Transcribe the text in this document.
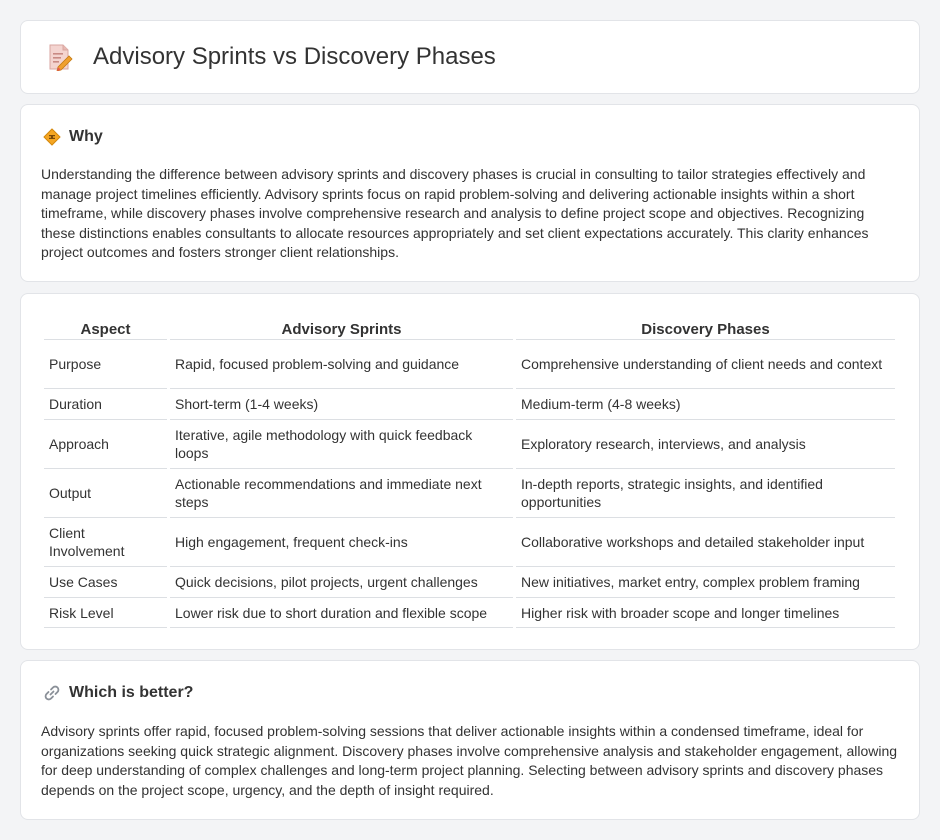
Advisory Sprints vs Discovery Phases
Why

Understanding the difference between advisory sprints and discovery phases is crucial in consulting to tailor strategies effectively and manage project timelines efficiently. Advisory sprints focus on rapid problem-solving and delivering actionable insights within a short timeframe, while discovery phases involve comprehensive research and analysis to define project scope and objectives. Recognizing these distinctions enables consultants to allocate resources appropriately and set client expectations accurately. This clarity enhances project outcomes and fosters stronger client relationships.

Aspect	Advisory Sprints	Discovery Phases
Purpose	Rapid, focused problem-solving and guidance	Comprehensive understanding of client needs and context
Duration	Short-term (1-4 weeks)	Medium-term (4-8 weeks)
Approach	Iterative, agile methodology with quick feedback loops	Exploratory research, interviews, and analysis
Output	Actionable recommendations and immediate next steps	In-depth reports, strategic insights, and identified opportunities
Client Involvement	High engagement, frequent check-ins	Collaborative workshops and detailed stakeholder input
Use Cases	Quick decisions, pilot projects, urgent challenges	New initiatives, market entry, complex problem framing
Risk Level	Lower risk due to short duration and flexible scope	Higher risk with broader scope and longer timelines
Which is better?

Advisory sprints offer rapid, focused problem-solving sessions that deliver actionable insights within a condensed timeframe, ideal for organizations seeking quick strategic alignment. Discovery phases involve comprehensive analysis and stakeholder engagement, allowing for deep understanding of complex challenges and long-term project planning. Selecting between advisory sprints and discovery phases depends on the project scope, urgency, and the depth of insight required.
